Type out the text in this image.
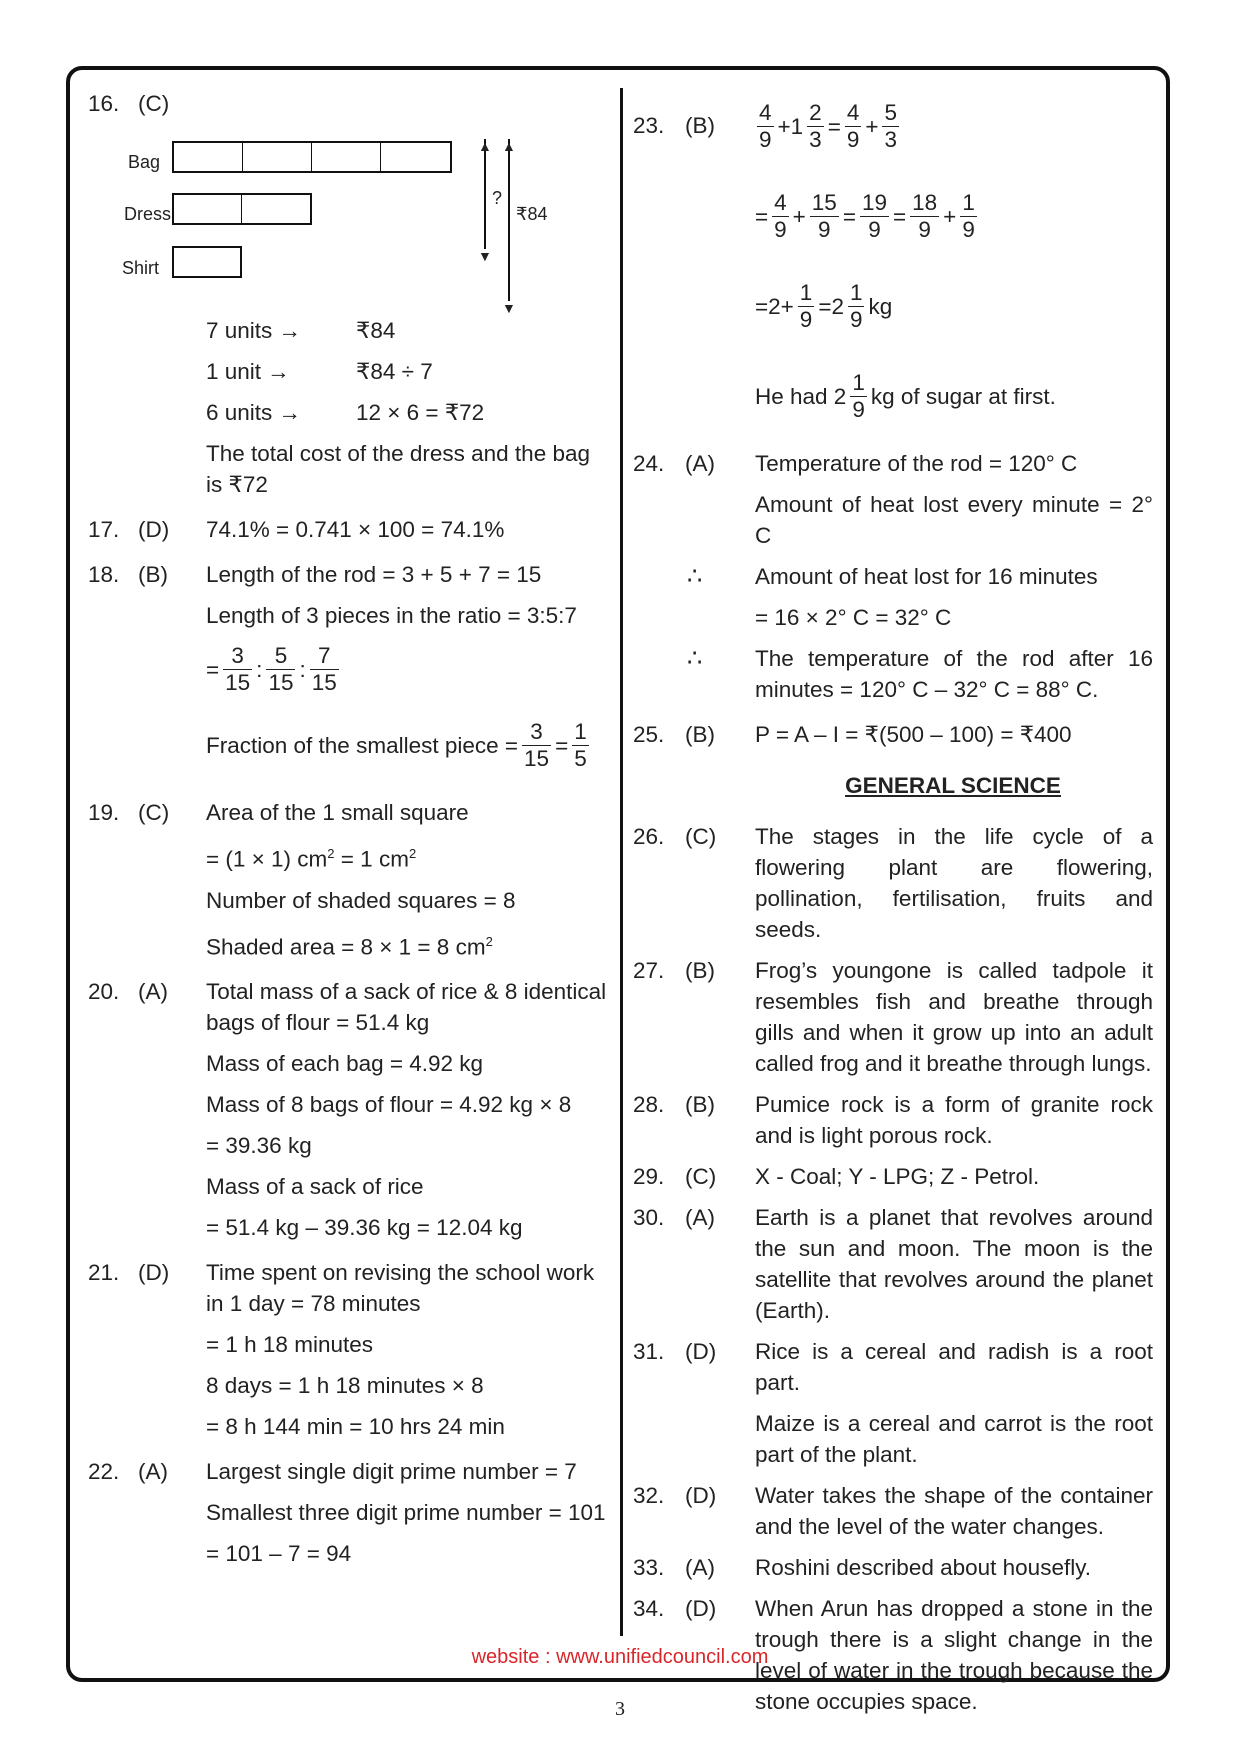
16. (C)
Bag
Dress
Shirt
▲
▼
?
▲
▼
₹84
7 units →	₹84
1 unit →	₹84 ÷ 7
6 units →	12 × 6 = ₹72

The total cost of the dress and the bag is ₹72

17. (D)	74.1% = 0.741 × 100 = 74.1%

18. (B)	Length of the rod = 3 + 5 + 7 = 15

Length of 3 pieces in the ratio = 3:5:7

= $\frac{3}{15}$ : $\frac{5}{15}$ : $\frac{7}{15}$
Fraction of the smallest piece = $\frac{3}{15} = \frac{1}{5}$
19. (C)	Area of the 1 small square

= (1 × 1) $cm^2 = 1$ $cm^2$

Number of shaded squares = 8

Shaded area = 8 × 1 = 8 $cm^2$

20. (A)	Total mass of a sack of rice & 8 identical bags of flour = 51.4 kg

Mass of each bag = 4.92 kg

Mass of 8 bags of flour = 4.92 kg × 8

= 39.36 kg

Mass of a sack of rice

= 51.4 kg – 39.36 kg = 12.04 kg

21. (D)	Time spent on revising the school work in 1 day = 78 minutes

= 1 h 18 minutes

8 days = 1 h 18 minutes × 8

= 8 h 144 min = 10 hrs 24 min

22. (A)	Largest single digit prime number = 7

Smallest three digit prime number = 101

= 101 – 7 = 94

23. (B)	$\frac{4}{9} +1 \frac{2}{3} = \frac{4}{9} + \frac{5}{3}$
= $\frac{4}{9} + \frac{15}{9} = \frac{19}{9} = \frac{18}{9} + \frac{1}{9}$
$=2+ \frac{1}{9} =2 \frac{1}{9}$ kg
He had $2 \frac{1}{9}$ kg of sugar at first.
24. (A)	Temperature of the rod = 120° C

Amount of heat lost every minute = 2° C

∴ Amount of heat lost for 16 minutes

= 16 × 2° C = 32° C

∴ The temperature of the rod after 16 minutes = 120° C – 32° C = 88° C.

25. (B)	P = A – I = ₹(500 – 100) = ₹400

GENERAL SCIENCE
26. (C)	The stages in the life cycle of a flowering plant are flowering, pollination, fertilisation, fruits and seeds.

27. (B)	Frog’s youngone is called tadpole it resembles fish and breathe through gills and when it grow up into an adult called frog and it breathe through lungs.

28. (B)	Pumice rock is a form of granite rock and is light porous rock.

29. (C)	X - Coal; Y - LPG; Z - Petrol.

30. (A)	Earth is a planet that revolves around the sun and moon. The moon is the satellite that revolves around the planet (Earth).

31. (D)	Rice is a cereal and radish is a root part.

Maize is a cereal and carrot is the root part of the plant.

32. (D)	Water takes the shape of the container and the level of the water changes.

33. (A)	Roshini described about housefly.

34. (D)	When Arun has dropped a stone in the trough there is a slight change in the level of water in the trough because the stone occupies space.

website : www.unifiedcouncil.com
3
